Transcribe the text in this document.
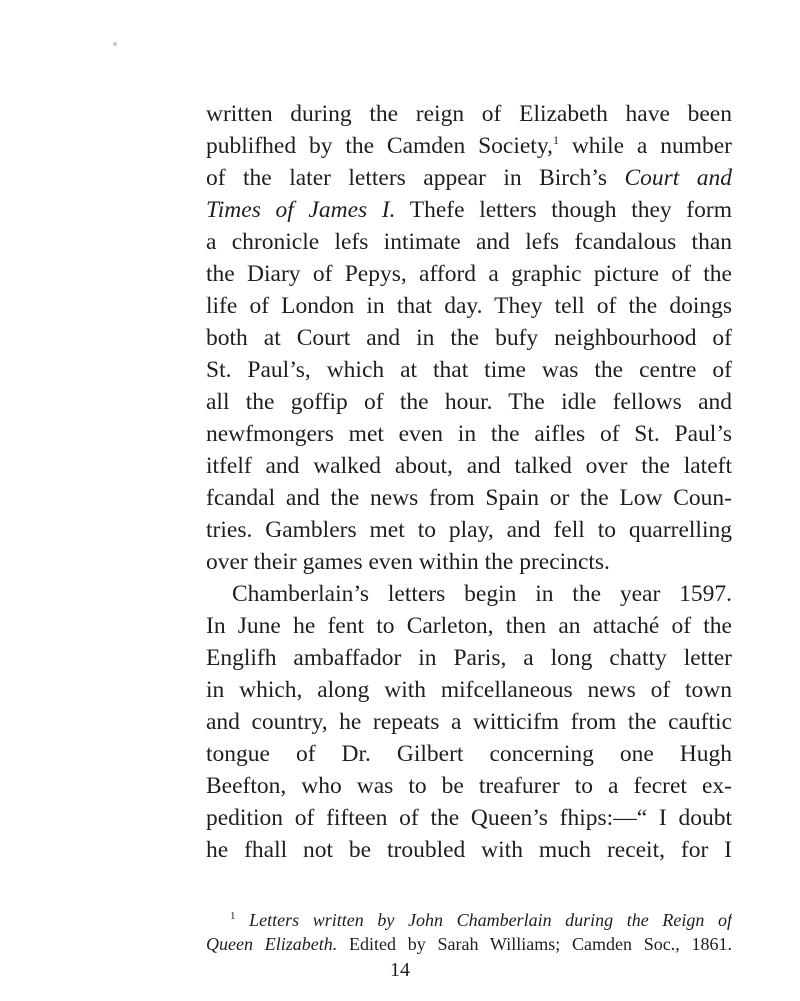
written during the reign of Elizabeth have been
publifhed by the Camden Society,$^1$ while a number
of the later letters appear in Birch’s Court and
Times of James I. Thefe letters though they form
a chronicle lefs intimate and lefs fcandalous than
the Diary of Pepys, afford a graphic picture of the
life of London in that day. They tell of the doings
both at Court and in the bufy neighbourhood of
St. Paul’s, which at that time was the centre of
all the goffip of the hour. The idle fellows and
newfmongers met even in the aifles of St. Paul’s
itfelf and walked about, and talked over the lateft
fcandal and the news from Spain or the Low Coun-
tries. Gamblers met to play, and fell to quarrelling
over their games even within the precincts.
Chamberlain’s letters begin in the year 1597.
In June he fent to Carleton, then an attaché of the
Englifh ambaffador in Paris, a long chatty letter
in which, along with mifcellaneous news of town
and country, he repeats a witticifm from the cauftic
tongue of Dr. Gilbert concerning one Hugh
Beefton, who was to be treafurer to a fecret ex-
pedition of fifteen of the Queen’s fhips:—“ I doubt
he fhall not be troubled with much receit, for I
$^1$ Letters written by John Chamberlain during the Reign of
Queen Elizabeth. Edited by Sarah Williams; Camden Soc., 1861.
14
